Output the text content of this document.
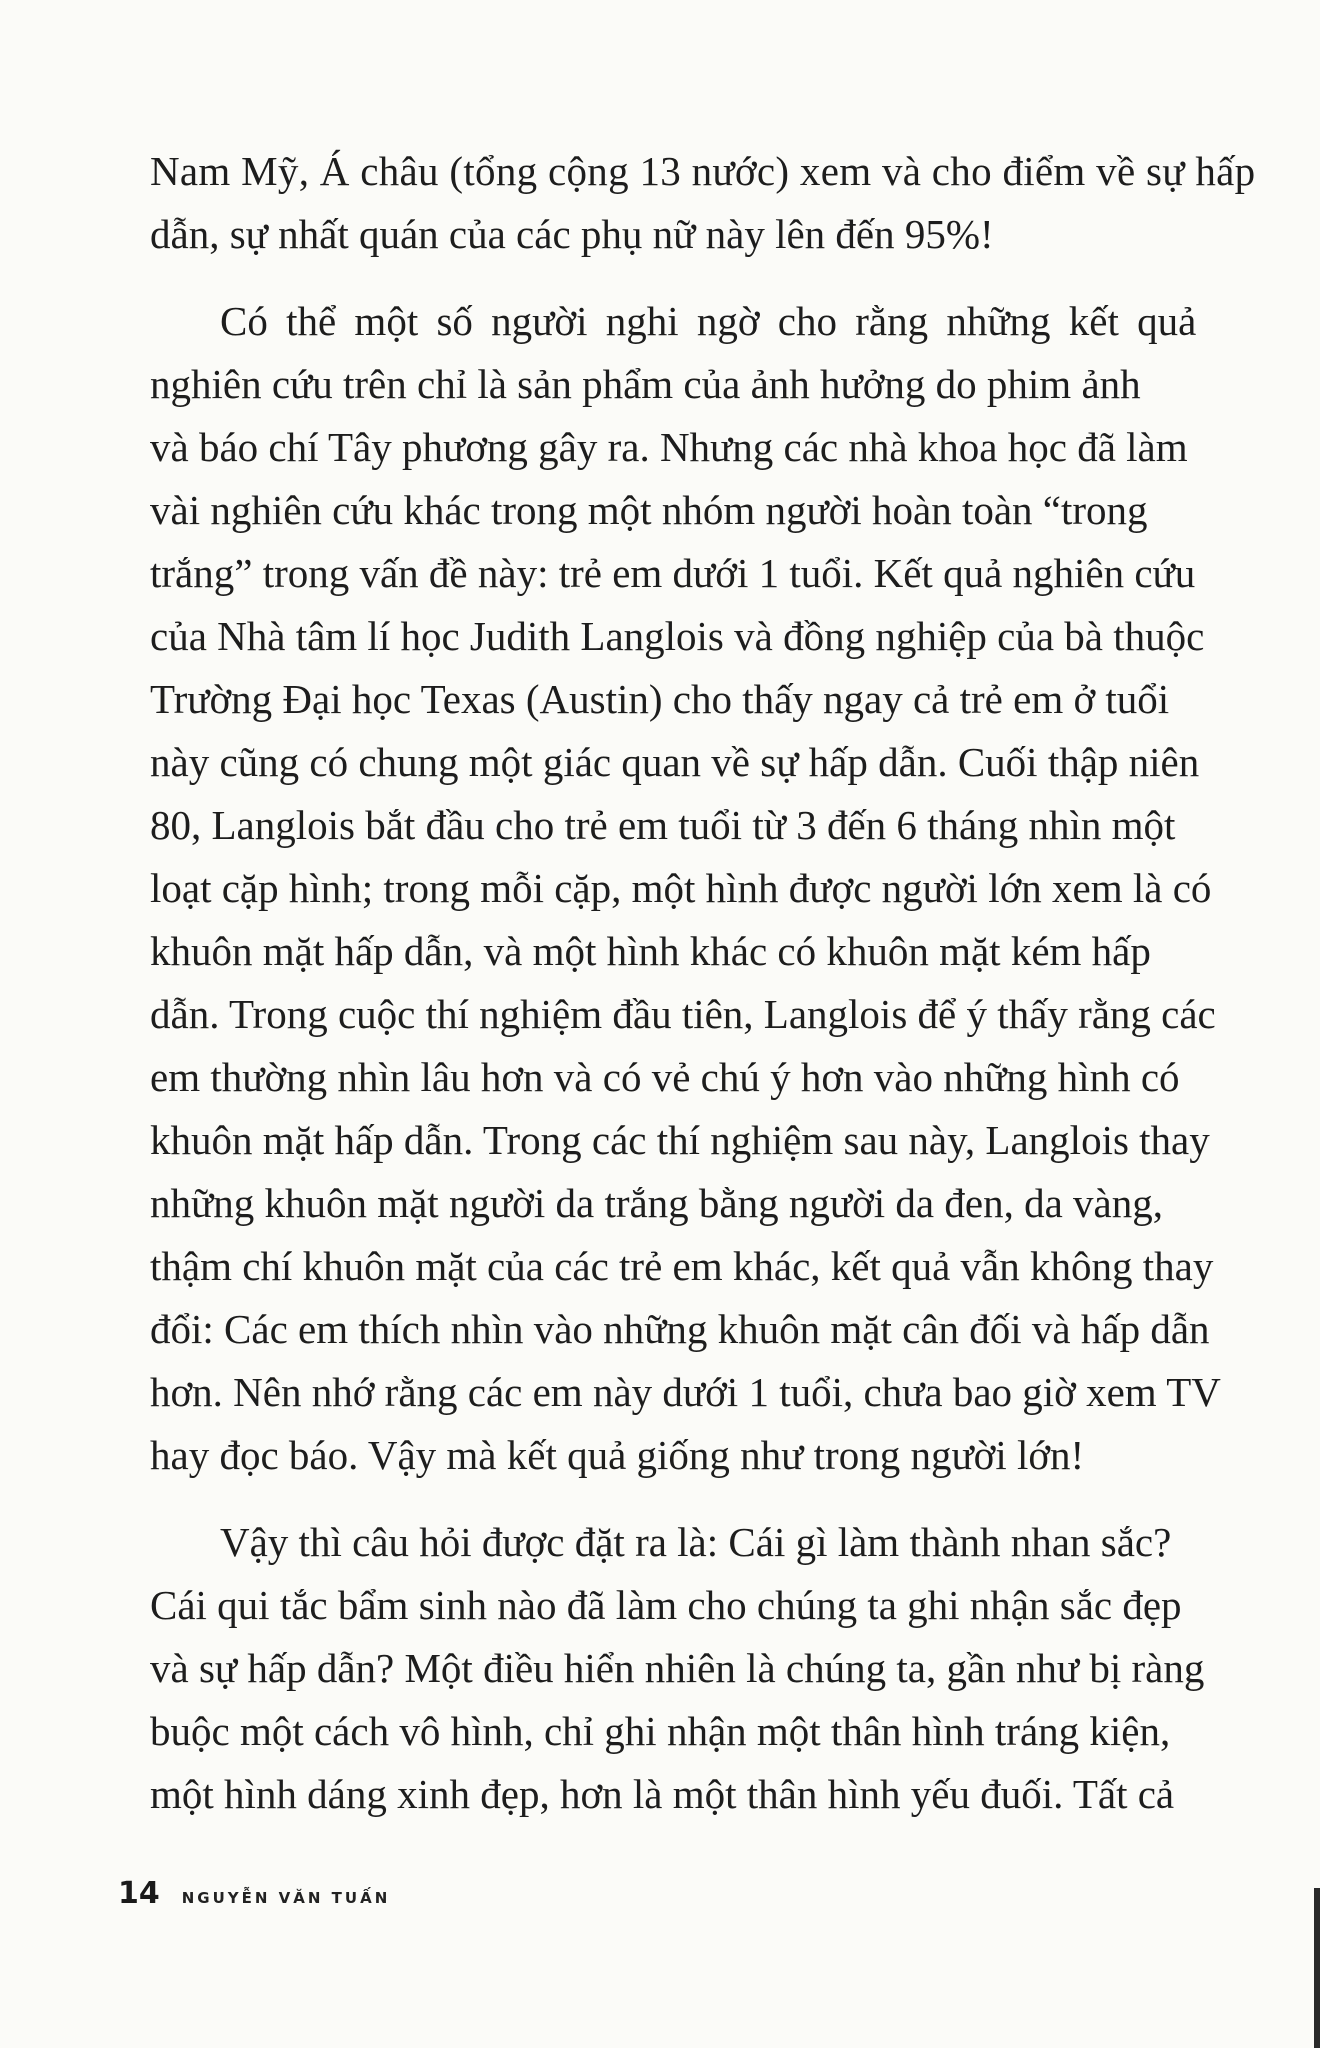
Nam Mỹ, Á châu (tổng cộng 13 nước) xem và cho điểm về sự hấp
dẫn, sự nhất quán của các phụ nữ này lên đến 95%!
Có thể một số người nghi ngờ cho rằng những kết quả
nghiên cứu trên chỉ là sản phẩm của ảnh hưởng do phim ảnh
và báo chí Tây phương gây ra. Nhưng các nhà khoa học đã làm
vài nghiên cứu khác trong một nhóm người hoàn toàn “trong
trắng” trong vấn đề này: trẻ em dưới 1 tuổi. Kết quả nghiên cứu
của Nhà tâm lí học Judith Langlois và đồng nghiệp của bà thuộc
Trường Đại học Texas (Austin) cho thấy ngay cả trẻ em ở tuổi
này cũng có chung một giác quan về sự hấp dẫn. Cuối thập niên
80, Langlois bắt đầu cho trẻ em tuổi từ 3 đến 6 tháng nhìn một
loạt cặp hình; trong mỗi cặp, một hình được người lớn xem là có
khuôn mặt hấp dẫn, và một hình khác có khuôn mặt kém hấp
dẫn. Trong cuộc thí nghiệm đầu tiên, Langlois để ý thấy rằng các
em thường nhìn lâu hơn và có vẻ chú ý hơn vào những hình có
khuôn mặt hấp dẫn. Trong các thí nghiệm sau này, Langlois thay
những khuôn mặt người da trắng bằng người da đen, da vàng,
thậm chí khuôn mặt của các trẻ em khác, kết quả vẫn không thay
đổi: Các em thích nhìn vào những khuôn mặt cân đối và hấp dẫn
hơn. Nên nhớ rằng các em này dưới 1 tuổi, chưa bao giờ xem TV
hay đọc báo. Vậy mà kết quả giống như trong người lớn!
Vậy thì câu hỏi được đặt ra là: Cái gì làm thành nhan sắc?
Cái qui tắc bẩm sinh nào đã làm cho chúng ta ghi nhận sắc đẹp
và sự hấp dẫn? Một điều hiển nhiên là chúng ta, gần như bị ràng
buộc một cách vô hình, chỉ ghi nhận một thân hình tráng kiện,
một hình dáng xinh đẹp, hơn là một thân hình yếu đuối. Tất cả
14 NGUYỄN VĂN TUẤN
